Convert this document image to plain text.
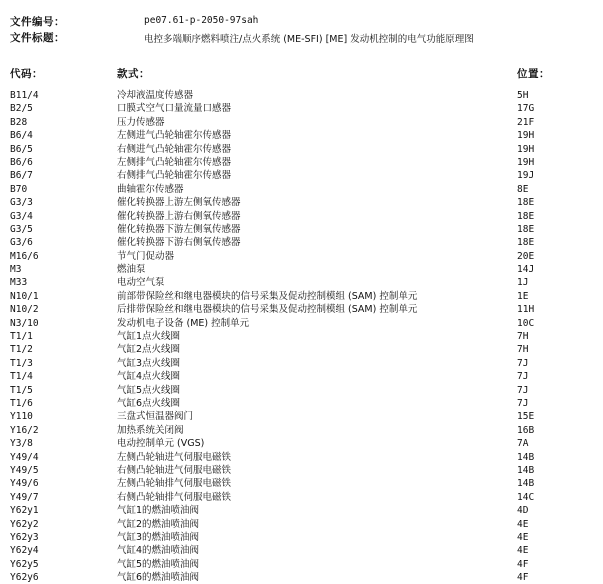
文件编号：	pe07.61-p-2050-97sah
文件标题：	电控多端顺序燃料喷注/点火系统 (ME-SFI) [ME] 发动机控制的电气功能原理图
代码：	款式：	位置：
B11/4	冷却液温度传感器	5H
B2/5	口膜式空气口量流量口感器	17G
B28	压力传感器	21F
B6/4	左侧进气凸轮轴霍尔传感器	19H
B6/5	右侧进气凸轮轴霍尔传感器	19H
B6/6	左侧排气凸轮轴霍尔传感器	19H
B6/7	右侧排气凸轮轴霍尔传感器	19J
B70	曲轴霍尔传感器	8E
G3/3	催化转换器上游左侧氧传感器	18E
G3/4	催化转换器上游右侧氧传感器	18E
G3/5	催化转换器下游左侧氧传感器	18E
G3/6	催化转换器下游右侧氧传感器	18E
M16/6	节气门促动器	20E
M3	燃油泵	14J
M33	电动空气泵	1J
N10/1	前部带保险丝和继电器模块的信号采集及促动控制模组 (SAM) 控制单元	1E
N10/2	后排带保险丝和继电器模块的信号采集及促动控制模组 (SAM) 控制单元	11H
N3/10	发动机电子设备 (ME) 控制单元	10C
T1/1	气缸1点火线圈	7H
T1/2	气缸2点火线圈	7H
T1/3	气缸3点火线圈	7J
T1/4	气缸4点火线圈	7J
T1/5	气缸5点火线圈	7J
T1/6	气缸6点火线圈	7J
Y110	三盘式恒温器阀门	15E
Y16/2	加热系统关闭阀	16B
Y3/8	电动控制单元 (VGS)	7A
Y49/4	左侧凸轮轴进气伺服电磁铁	14B
Y49/5	右侧凸轮轴进气伺服电磁铁	14B
Y49/6	左侧凸轮轴排气伺服电磁铁	14B
Y49/7	右侧凸轮轴排气伺服电磁铁	14C
Y62y1	气缸1的燃油喷油阀	4D
Y62y2	气缸2的燃油喷油阀	4E
Y62y3	气缸3的燃油喷油阀	4E
Y62y4	气缸4的燃油喷油阀	4E
Y62y5	气缸5的燃油喷油阀	4F
Y62y6	气缸6的燃油喷油阀	4F
